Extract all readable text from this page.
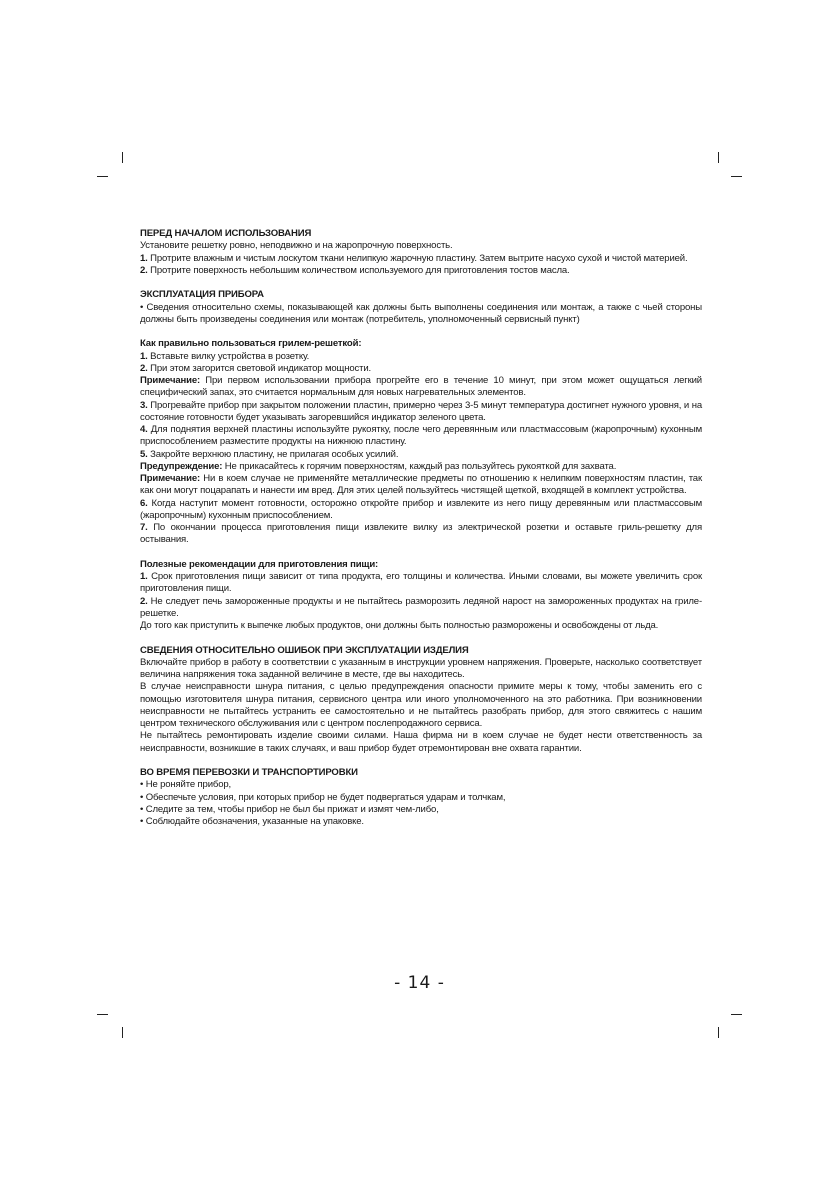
ПЕРЕД НАЧАЛОМ ИСПОЛЬЗОВАНИЯ
Установите решетку ровно, неподвижно и на жаропрочную поверхность.
1. Протрите влажным и чистым лоскутом ткани нелипкую жарочную пластину. Затем вытрите насухо сухой и чистой материей.
2. Протрите поверхность небольшим количеством используемого для приготовления тостов масла.
ЭКСПЛУАТАЦИЯ ПРИБОРА
• Сведения относительно схемы, показывающей как должны быть выполнены соединения или монтаж, а также с чьей стороны должны быть произведены соединения или монтаж (потребитель, уполномоченный сервисный пункт)
Как правильно пользоваться грилем-решеткой:
1. Вставьте вилку устройства в розетку.
2. При этом загорится световой индикатор мощности.
Примечание: При первом использовании прибора прогрейте его в течение 10 минут, при этом может ощущаться легкий специфический запах, это считается нормальным для новых нагревательных элементов.
3. Прогревайте прибор при закрытом положении пластин, примерно через 3-5 минут температура достигнет нужного уровня, и на состояние готовности будет указывать загоревшийся индикатор зеленого цвета.
4. Для поднятия верхней пластины используйте рукоятку, после чего деревянным или пластмассовым (жаропрочным) кухонным приспособлением разместите продукты на нижнюю пластину.
5. Закройте верхнюю пластину, не прилагая особых усилий.
Предупреждение: Не прикасайтесь к горячим поверхностям, каждый раз пользуйтесь рукояткой для захвата.
Примечание: Ни в коем случае не применяйте металлические предметы по отношению к нелипким поверхностям пластин, так как они могут поцарапать и нанести им вред. Для этих целей пользуйтесь чистящей щеткой, входящей в комплект устройства.
6. Когда наступит момент готовности, осторожно откройте прибор и извлеките из него пищу деревянным или пластмассовым (жаропрочным) кухонным приспособлением.
7. По окончании процесса приготовления пищи извлеките вилку из электрической розетки и оставьте гриль-решетку для остывания.
Полезные рекомендации для приготовления пищи:
1. Срок приготовления пищи зависит от типа продукта, его толщины и количества. Иными словами, вы можете увеличить срок приготовления пищи.
2. Не следует печь замороженные продукты и не пытайтесь разморозить ледяной нарост на замороженных продуктах на гриле-решетке.
До того как приступить к выпечке любых продуктов, они должны быть полностью разморожены и освобождены от льда.
СВЕДЕНИЯ ОТНОСИТЕЛЬНО ОШИБОК ПРИ ЭКСПЛУАТАЦИИ ИЗДЕЛИЯ
Включайте прибор в работу в соответствии с указанным в инструкции уровнем напряжения. Проверьте, насколько соответствует величина напряжения тока заданной величине в месте, где вы находитесь.
В случае неисправности шнура питания, с целью предупреждения опасности примите меры к тому, чтобы заменить его с помощью изготовителя шнура питания, сервисного центра или иного уполномоченного на это работника. При возникновении неисправности не пытайтесь устранить ее самостоятельно и не пытайтесь разобрать прибор, для этого свяжитесь с нашим центром технического обслуживания или с центром послепродажного сервиса.
Не пытайтесь ремонтировать изделие своими силами. Наша фирма ни в коем случае не будет нести ответственность за неисправности, возникшие в таких случаях, и ваш прибор будет отремонтирован вне охвата гарантии.
ВО ВРЕМЯ ПЕРЕВОЗКИ И ТРАНСПОРТИРОВКИ
• Не роняйте прибор,
• Обеспечьте условия, при которых прибор не будет подвергаться ударам и толчкам,
• Следите за тем, чтобы прибор не был бы прижат и измят чем-либо,
• Соблюдайте обозначения, указанные на упаковке.
- 14 -
